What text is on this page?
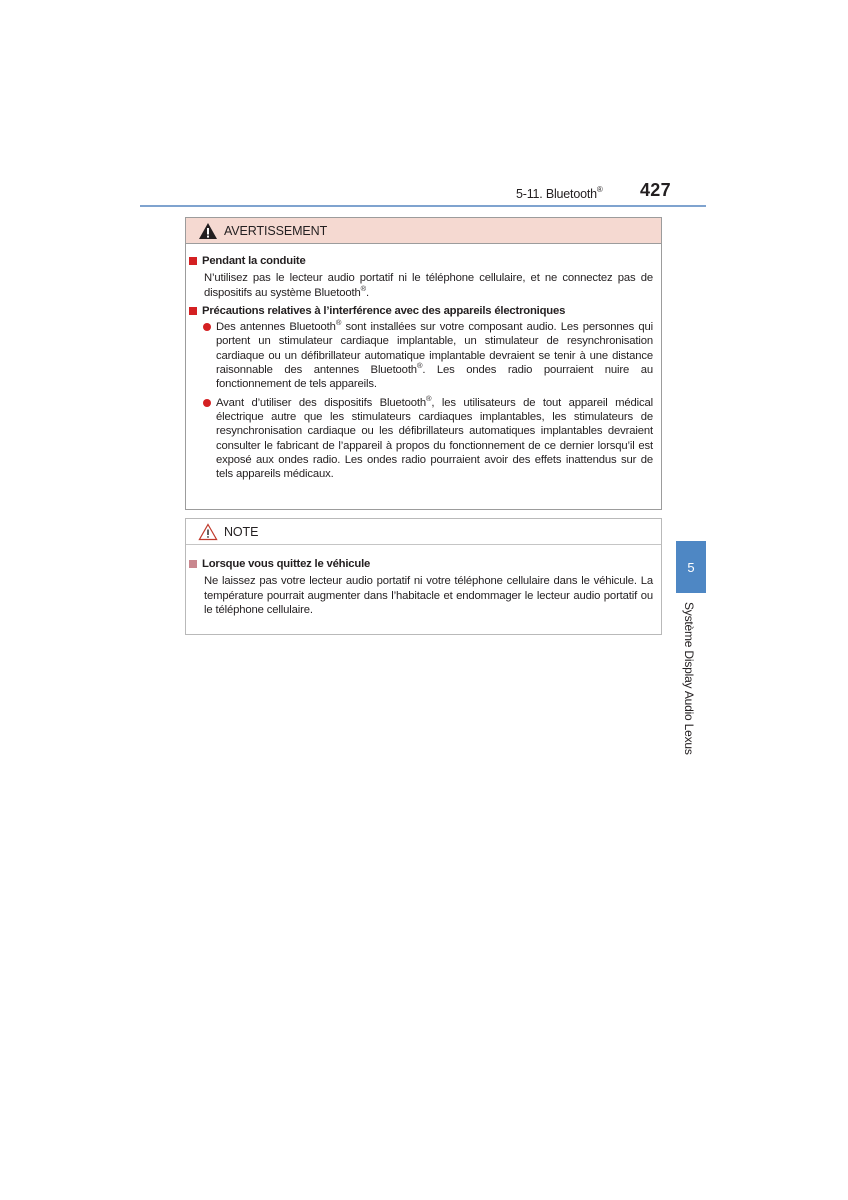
5-11. Bluetooth® 427
AVERTISSEMENT
Pendant la conduite
N’utilisez pas le lecteur audio portatif ni le téléphone cellulaire, et ne connectez pas de dispositifs au système Bluetooth®.
Précautions relatives à l’interférence avec des appareils électroniques
Des antennes Bluetooth® sont installées sur votre composant audio. Les personnes qui portent un stimulateur cardiaque implantable, un stimulateur de resynchronisation cardiaque ou un défibrillateur automatique implantable devraient se tenir à une distance raisonnable des antennes Bluetooth®. Les ondes radio pourraient nuire au fonctionnement de tels appareils.
Avant d’utiliser des dispositifs Bluetooth®, les utilisateurs de tout appareil médical électrique autre que les stimulateurs cardiaques implantables, les stimulateurs de resynchronisation cardiaque ou les défibrillateurs automatiques implantables devraient consulter le fabricant de l’appareil à propos du fonctionnement de ce dernier lorsqu’il est exposé aux ondes radio. Les ondes radio pourraient avoir des effets inattendus sur de tels appareils médicaux.
NOTE
Lorsque vous quittez le véhicule
Ne laissez pas votre lecteur audio portatif ni votre téléphone cellulaire dans le véhicule. La température pourrait augmenter dans l’habitacle et endommager le lecteur audio portatif ou le téléphone cellulaire.
5
Système Display Audio Lexus
